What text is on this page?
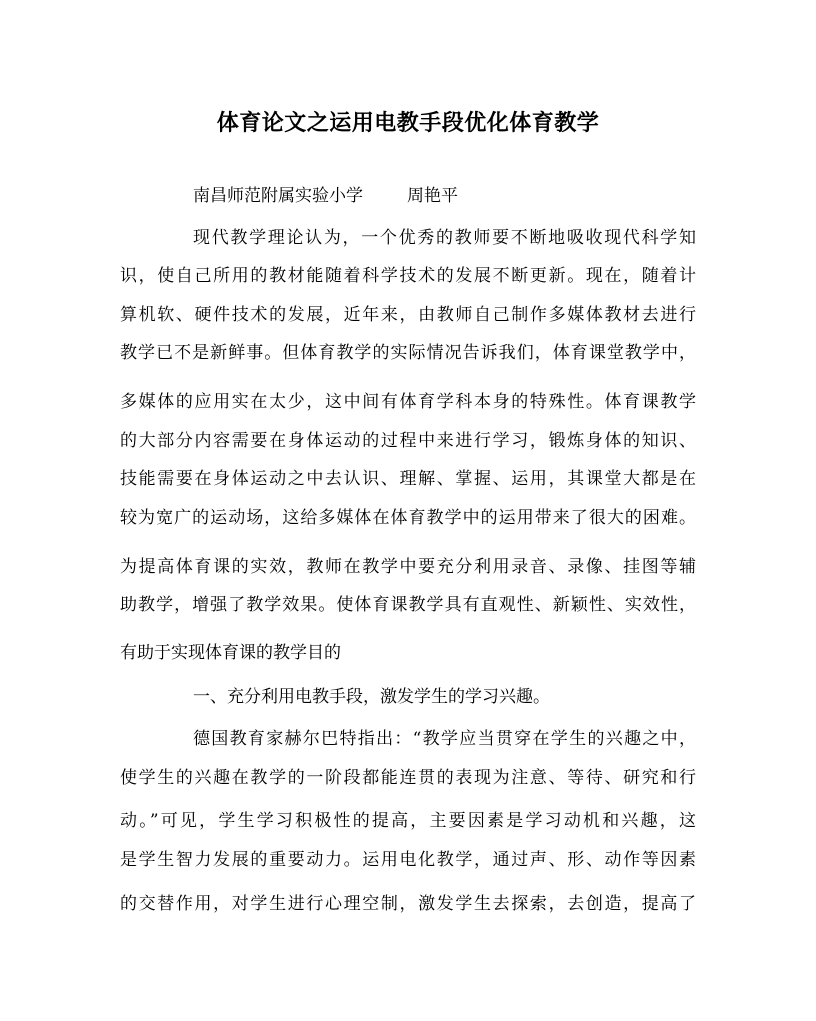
体育论文之运用电教手段优化体育教学
南昌师范附属实验小学	周艳平
现代教学理论认为，一个优秀的教师要不断地吸收现代科学知
识，使自己所用的教材能随着科学技术的发展不断更新。现在，随着计
算机软、硬件技术的发展，近年来，由教师自己制作多媒体教材去进行
教学已不是新鲜事。但体育教学的实际情况告诉我们，体育课堂教学中，
多媒体的应用实在太少，这中间有体育学科本身的特殊性。体育课教学
的大部分内容需要在身体运动的过程中来进行学习，锻炼身体的知识、
技能需要在身体运动之中去认识、理解、掌握、运用，其课堂大都是在
较为宽广的运动场，这给多媒体在体育教学中的运用带来了很大的困难。
为提高体育课的实效，教师在教学中要充分利用录音、录像、挂图等辅
助教学，增强了教学效果。使体育课教学具有直观性、新颖性、实效性，
有助于实现体育课的教学目的
一、充分利用电教手段，激发学生的学习兴趣。
德国教育家赫尔巴特指出：“教学应当贯穿在学生的兴趣之中，
使学生的兴趣在教学的一阶段都能连贯的表现为注意、等待、研究和行
动。”可见，学生学习积极性的提高，主要因素是学习动机和兴趣，这
是学生智力发展的重要动力。运用电化教学，通过声、形、动作等因素
的交替作用，对学生进行心理空制，激发学生去探索，去创造，提高了
